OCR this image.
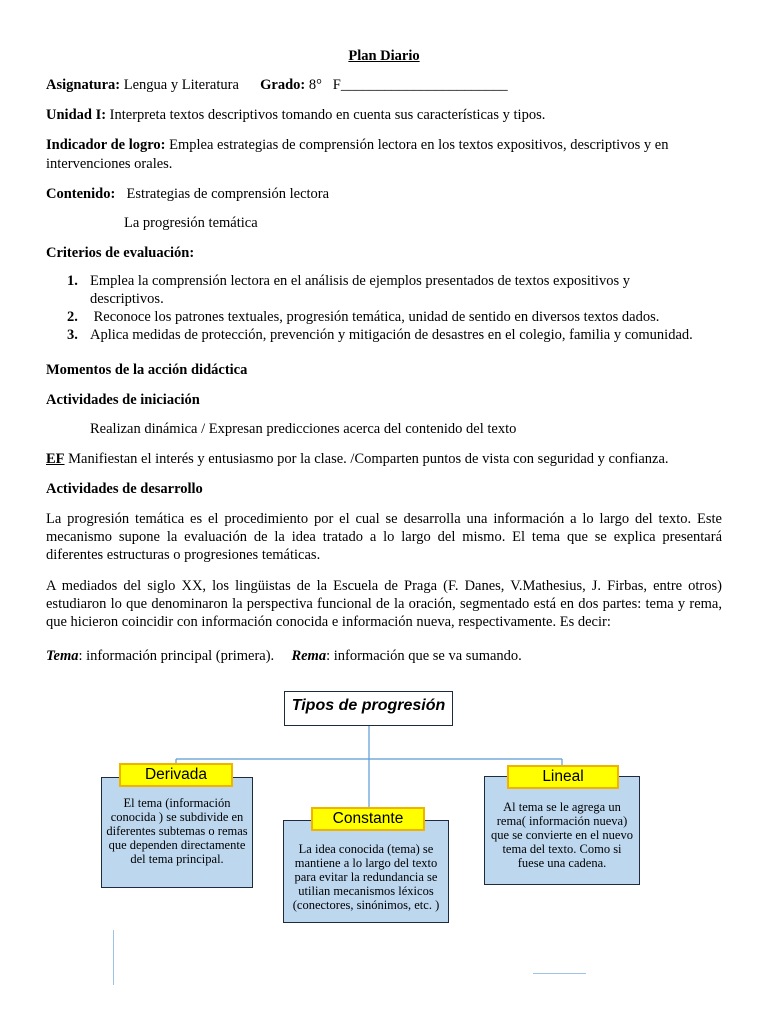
Plan Diario
Asignatura: Lengua y Literatura Grado: 8°   F_______________________
Unidad I: Interpreta textos descriptivos tomando en cuenta sus características y tipos.
Indicador de logro: Emplea estrategias de comprensión lectora en los textos expositivos, descriptivos y en
intervenciones orales.
Contenido: Estrategias de comprensión lectora
La progresión temática
Criterios de evaluación:
1. Emplea la comprensión lectora en el análisis de ejemplos presentados de textos expositivos y
descriptivos.
2. Reconoce los patrones textuales, progresión temática, unidad de sentido en diversos textos dados.
3. Aplica medidas de protección, prevención y mitigación de desastres en el colegio, familia y comunidad.
Momentos de la acción didáctica
Actividades de iniciación
Realizan dinámica / Expresan predicciones acerca del contenido del texto
EF Manifiestan el interés y entusiasmo por la clase. /Comparten puntos de vista con seguridad y confianza.
Actividades de desarrollo
La progresión temática es el procedimiento por el cual se desarrolla una información a lo largo del texto. Este mecanismo supone la evaluación de la idea tratado a lo largo del mismo. El tema que se explica presentará diferentes estructuras o progresiones temáticas.
A mediados del siglo XX, los lingüistas de la Escuela de Praga (F. Danes, V.Mathesius, J. Firbas, entre otros) estudiaron lo que denominaron la perspectiva funcional de la oración, segmentado está en dos partes: tema y rema, que hicieron coincidir con información conocida e información nueva, respectivamente. Es decir:
Tema: información principal (primera). Rema: información que se va sumando.
Tipos de progresión
El tema (información conocida ) se subdivide en diferentes subtemas o remas que dependen directamente del tema principal.
Derivada
La idea conocida (tema) se mantiene a lo largo del texto para evitar la redundancia se utilian mecanismos léxicos (conectores, sinónimos, etc. )
Constante
Al tema se le agrega un rema( información nueva) que se convierte en el nuevo tema del texto. Como si fuese una cadena.
Lineal
